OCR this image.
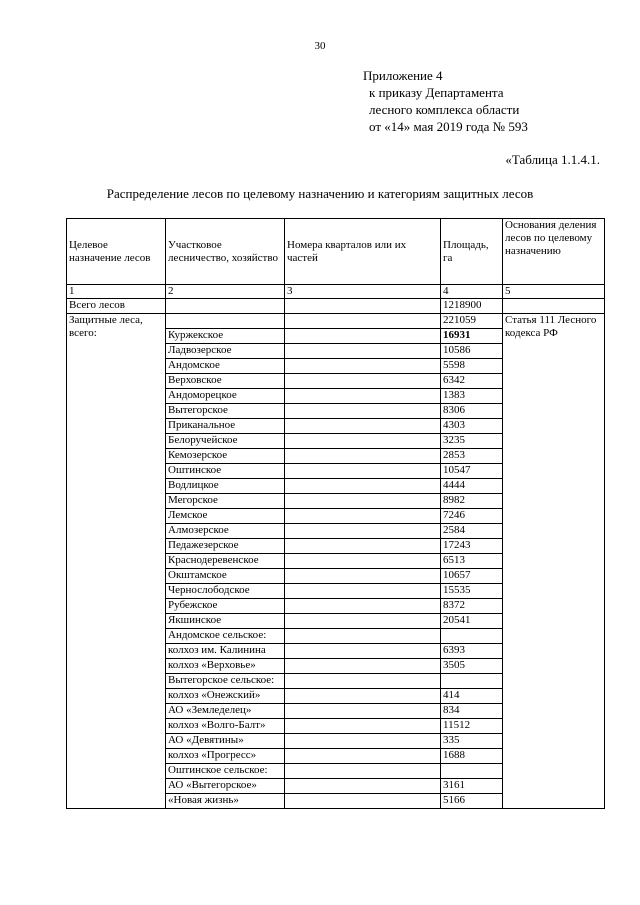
30
Приложение 4
к приказу Департамента
лесного комплекса области
от «14» мая 2019 года № 593
«Таблица 1.1.4.1.
Распределение лесов по целевому назначению и категориям защитных лесов
Целевое назначение лесов	Участковое лесничество, хозяйство	Номера кварталов или их частей	Площадь, га	Основания деления лесов по целевому назначению
1	2	3	4	5
Всего лесов			1218900	
Защитные леса, всего:			221059	Статья 111 Лесного кодекса РФ
	Куржекское		16931	
	Ладвозерское		10586	
	Андомское		5598	
	Верховское		6342	
	Андоморецкое		1383	
	Вытегорское		8306	
	Приканальное		4303	
	Белоручейское		3235	
	Кемозерское		2853	
	Оштинское		10547	
	Водлицкое		4444	
	Мегорское		8982	
	Лемское		7246	
	Алмозерское		2584	
	Педажезерское		17243	
	Краснодеревенское		6513	
	Окштамское		10657	
	Чернослободское		15535	
	Рубежское		8372	
	Якшинское		20541	
	Андомское сельское:			
	колхоз им. Калинина		6393	
	колхоз «Верховье»		3505	
	Вытегорское сельское:			
	колхоз «Онежский»		414	
	АО «Земледелец»		834	
	колхоз «Волго-Балт»		11512	
	АО «Девятины»		335	
	колхоз «Прогресс»		1688	
	Оштинское сельское:			
	АО «Вытегорское»		3161	
	«Новая жизнь»		5166	
